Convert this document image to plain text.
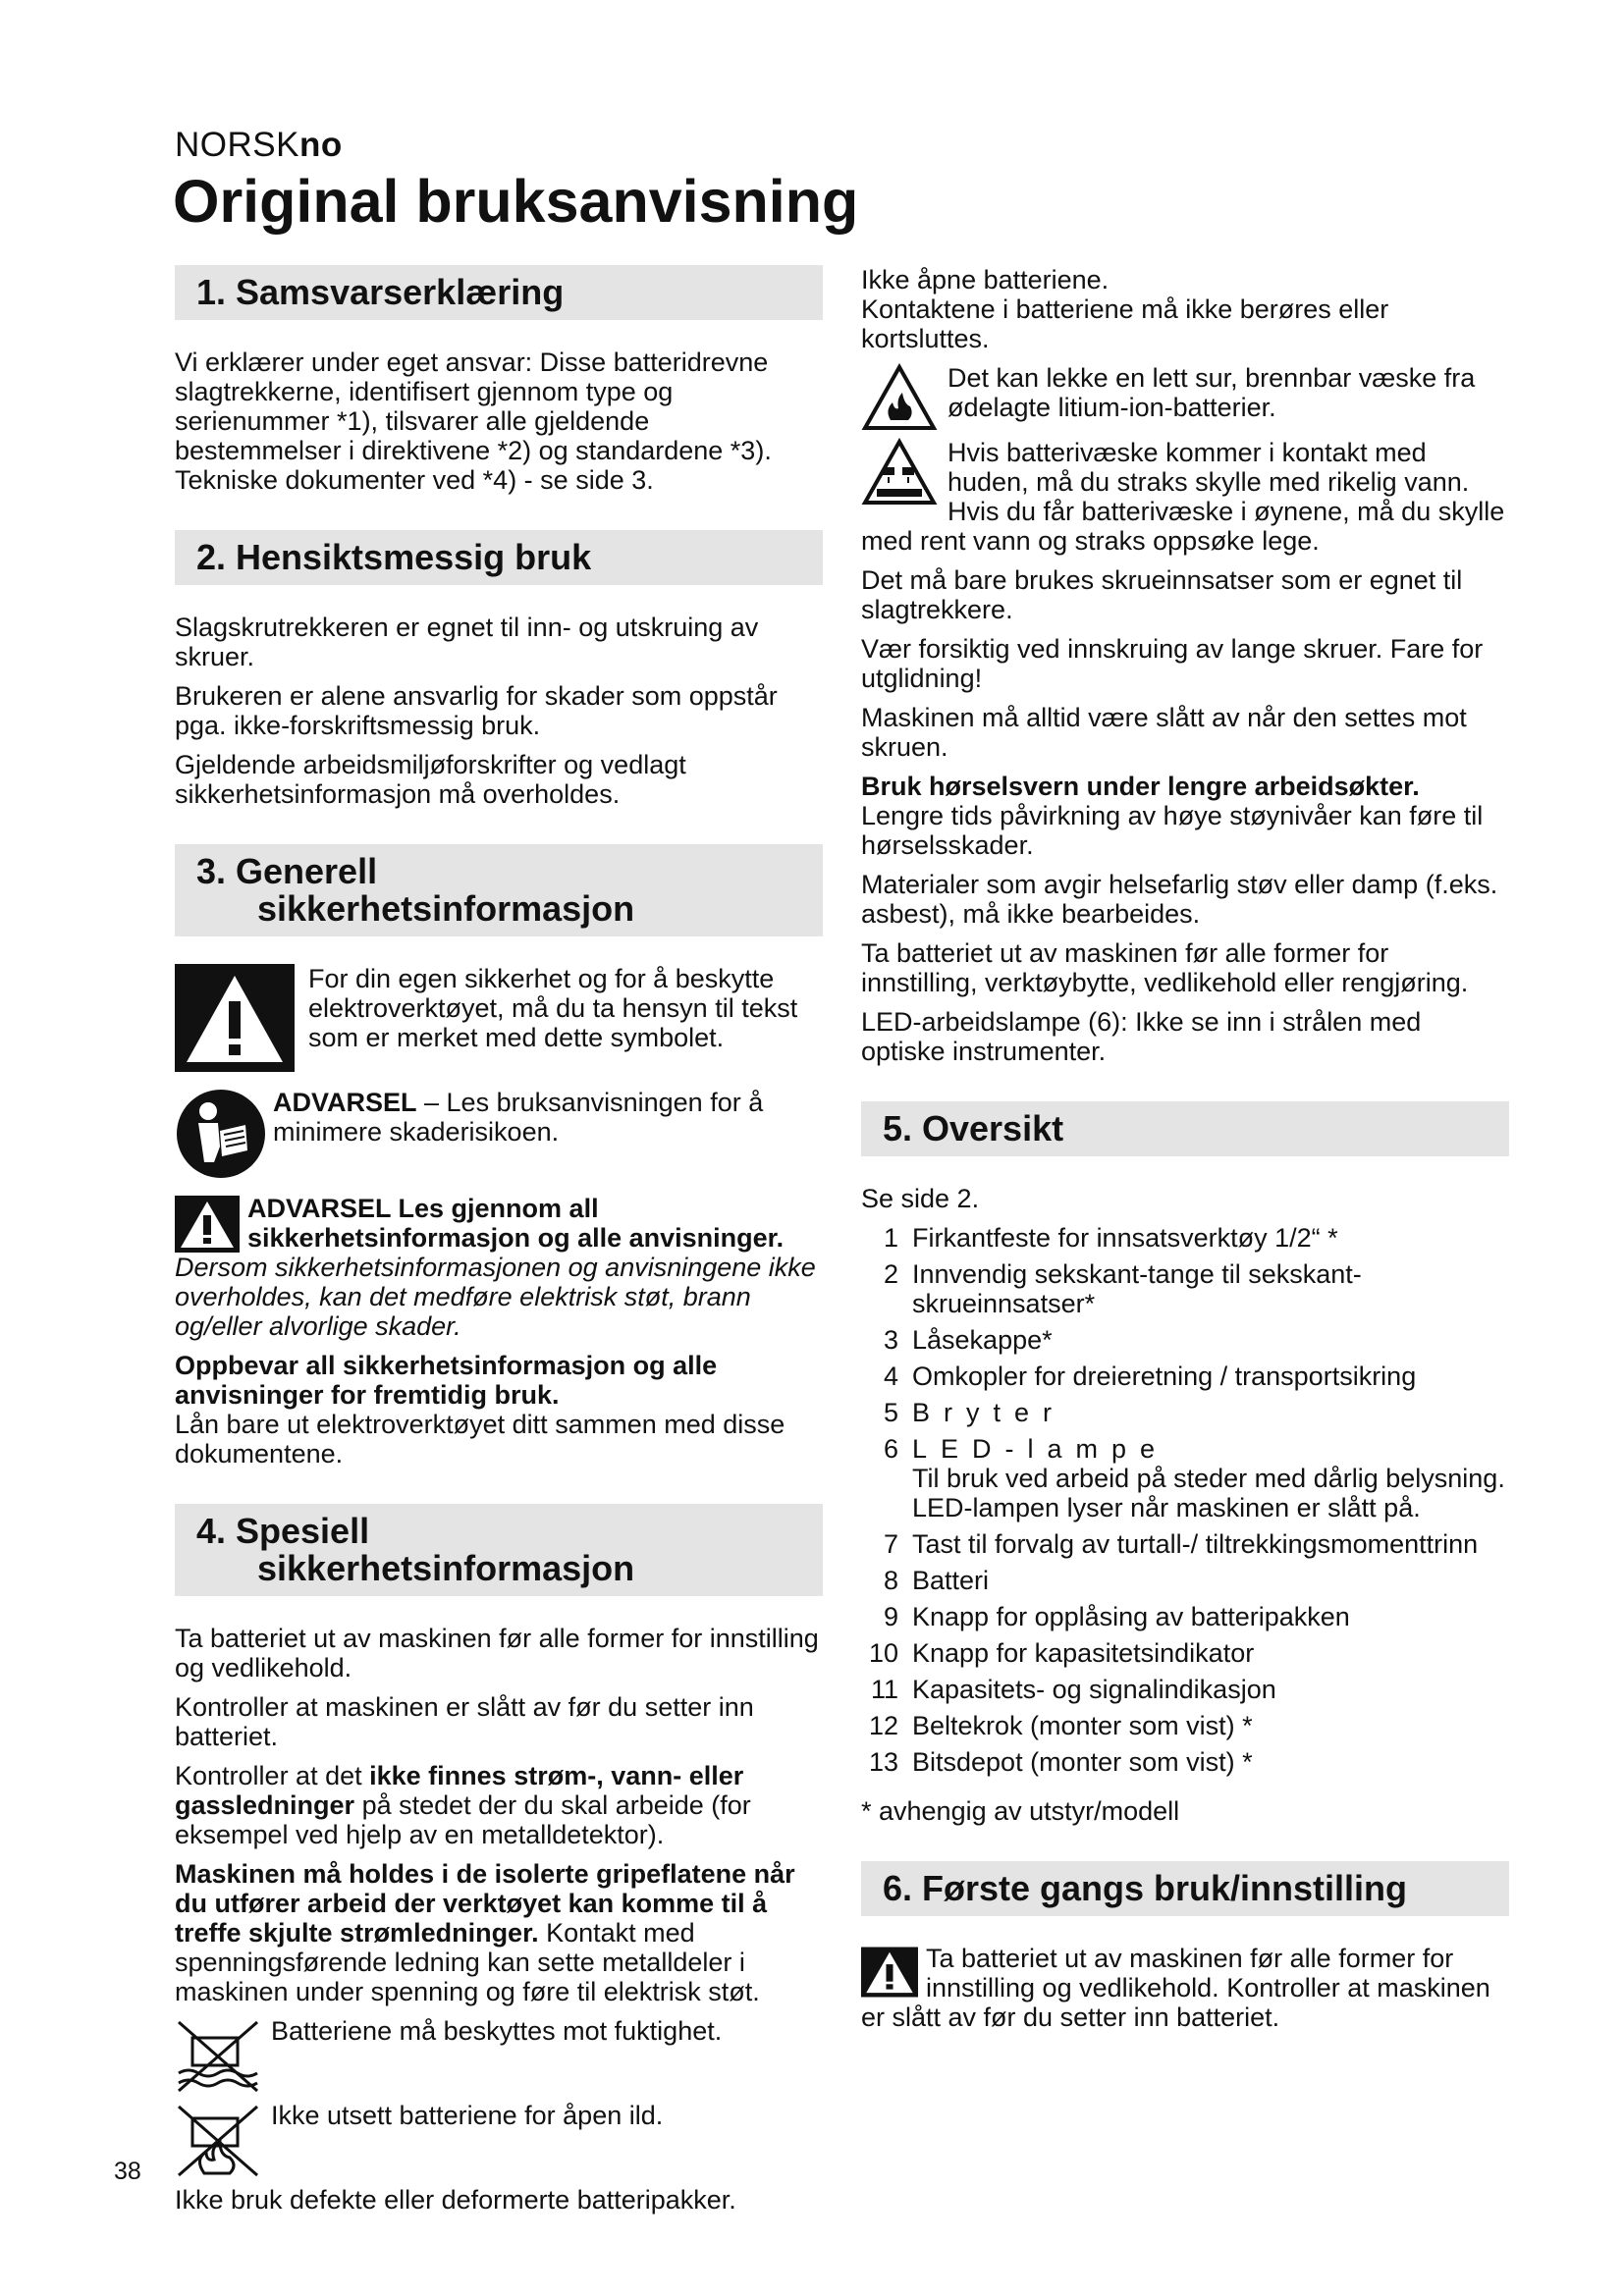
NORSKno
Original bruksanvisning
1. Samsvarserklæring

Vi erklærer under eget ansvar: Disse batteridrevne slagtrekkerne, identifisert gjennom type og serienummer *1), tilsvarer alle gjeldende bestemmelser i direktivene *2) og standardene *3). Tekniske dokumenter ved *4) - se side 3.

2. Hensiktsmessig bruk

Slagskrutrekkeren er egnet til inn- og utskruing av skruer.

Brukeren er alene ansvarlig for skader som oppstår pga. ikke-forskriftsmessig bruk.

Gjeldende arbeidsmiljøforskrifter og vedlagt sikkerhetsinformasjon må overholdes.

3. Generell
sikkerhetsinformasjon

For din egen sikkerhet og for å beskytte elektroverktøyet, må du ta hensyn til tekst som er merket med dette symbolet.

ADVARSEL – Les bruksanvisningen for å minimere skaderisikoen.

ADVARSEL Les gjennom all sikkerhetsinformasjon og alle anvisninger. Dersom sikkerhetsinformasjonen og anvisningene ikke overholdes, kan det medføre elektrisk støt, brann og/eller alvorlige skader.

Oppbevar all sikkerhetsinformasjon og alle anvisninger for fremtidig bruk.

Lån bare ut elektroverktøyet ditt sammen med disse dokumentene.

4. Spesiell
sikkerhetsinformasjon

Ta batteriet ut av maskinen før alle former for innstilling og vedlikehold.

Kontroller at maskinen er slått av før du setter inn batteriet.

Kontroller at det ikke finnes strøm-, vann- eller gassledninger på stedet der du skal arbeide (for eksempel ved hjelp av en metalldetektor).

Maskinen må holdes i de isolerte gripeflatene når du utfører arbeid der verktøyet kan komme til å treffe skjulte strømledninger. Kontakt med spenningsførende ledning kan sette metalldeler i maskinen under spenning og føre til elektrisk støt.

Batteriene må beskyttes mot fuktighet.

Ikke utsett batteriene for åpen ild.

Ikke bruk defekte eller deformerte batteripakker.

Ikke åpne batteriene.

Kontaktene i batteriene må ikke berøres eller kortsluttes.

Det kan lekke en lett sur, brennbar væske fra ødelagte litium-ion-batterier.

Hvis batterivæske kommer i kontakt med huden, må du straks skylle med rikelig vann. Hvis du får batterivæske i øynene, må du skylle med rent vann og straks oppsøke lege.

Det må bare brukes skrueinnsatser som er egnet til slagtrekkere.

Vær forsiktig ved innskruing av lange skruer. Fare for utglidning!

Maskinen må alltid være slått av når den settes mot skruen.

Bruk hørselsvern under lengre arbeidsøkter.
Lengre tids påvirkning av høye støynivåer kan føre til hørselsskader.

Materialer som avgir helsefarlig støv eller damp (f.eks. asbest), må ikke bearbeides.

Ta batteriet ut av maskinen før alle former for innstilling, verktøybytte, vedlikehold eller rengjøring.

LED-arbeidslampe (6): Ikke se inn i strålen med optiske instrumenter.

5. Oversikt

Se side 2.

1 Firkantfeste for innsatsverktøy 1/2“ *
2 Innvendig sekskant-tange til sekskant-skrueinnsatser*
3 Låsekappe*
4 Omkopler for dreieretning / transportsikring
5 Bryter
6 LED-lampe
Til bruk ved arbeid på steder med dårlig belysning. LED-lampen lyser når maskinen er slått på.
7 Tast til forvalg av turtall-/ tiltrekkingsmomenttrinn
8 Batteri
9 Knapp for opplåsing av batteripakken
10 Knapp for kapasitetsindikator
11 Kapasitets- og signalindikasjon
12 Beltekrok (monter som vist) *
13 Bitsdepot (monter som vist) *

* avhengig av utstyr/modell

6. Første gangs bruk/innstilling

Ta batteriet ut av maskinen før alle former for innstilling og vedlikehold. Kontroller at maskinen er slått av før du setter inn batteriet.

38
